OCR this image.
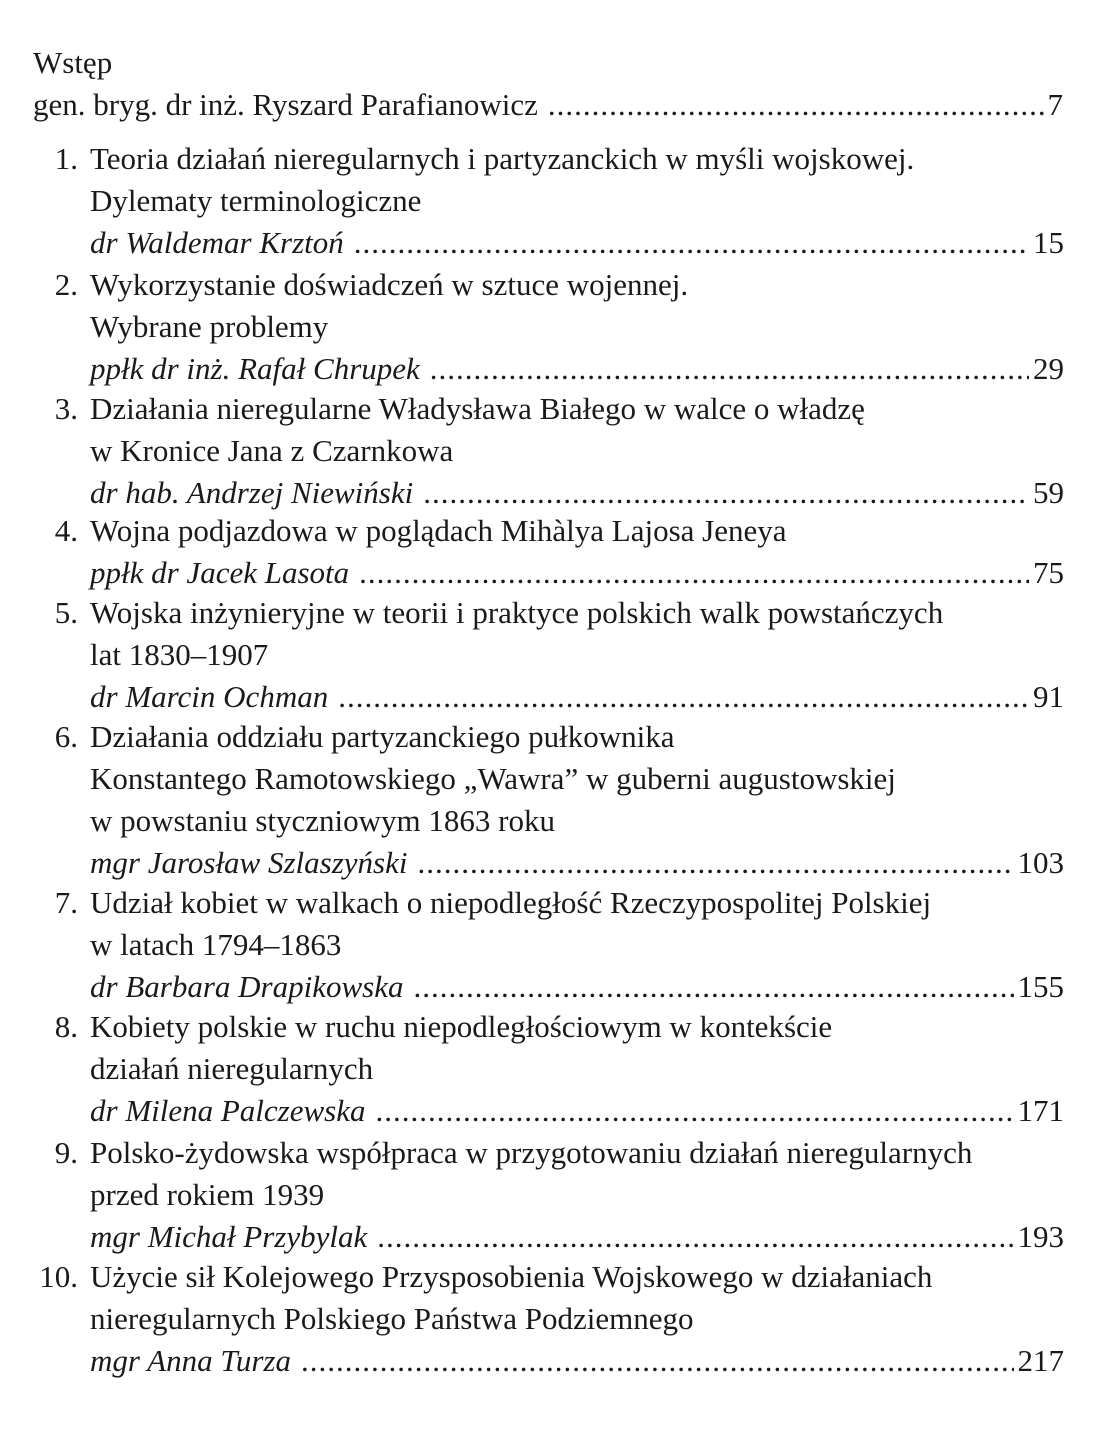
Wstęp
gen. bryg. dr inż. Ryszard Parafianowicz .....	7
1. Teoria działań nieregularnych i partyzanckich w myśli wojskowej.
Dylematy terminologiczne
dr Waldemar Krztoń .....	15
2. Wykorzystanie doświadczeń w sztuce wojennej.
Wybrane problemy
ppłk dr inż. Rafał Chrupek .....	29
3. Działania nieregularne Władysława Białego w walce o władzę
w Kronice Jana z Czarnkowa
dr hab. Andrzej Niewiński .....	59
4. Wojna podjazdowa w poglądach Mihàlya Lajosa Jeneya
ppłk dr Jacek Lasota .....	75
5. Wojska inżynieryjne w teorii i praktyce polskich walk powstańczych
lat 1830–1907
dr Marcin Ochman .....	91
6. Działania oddziału partyzanckiego pułkownika
Konstantego Ramotowskiego „Wawra” w guberni augustowskiej
w powstaniu styczniowym 1863 roku
mgr Jarosław Szlaszyński .....	103
7. Udział kobiet w walkach o niepodległość Rzeczypospolitej Polskiej
w latach 1794–1863
dr Barbara Drapikowska .....	155
8. Kobiety polskie w ruchu niepodległościowym w kontekście
działań nieregularnych
dr Milena Palczewska .....	171
9. Polsko-żydowska współpraca w przygotowaniu działań nieregularnych
przed rokiem 1939
mgr Michał Przybylak .....	193
10. Użycie sił Kolejowego Przysposobienia Wojskowego w działaniach
nieregularnych Polskiego Państwa Podziemnego
mgr Anna Turza .....	217
